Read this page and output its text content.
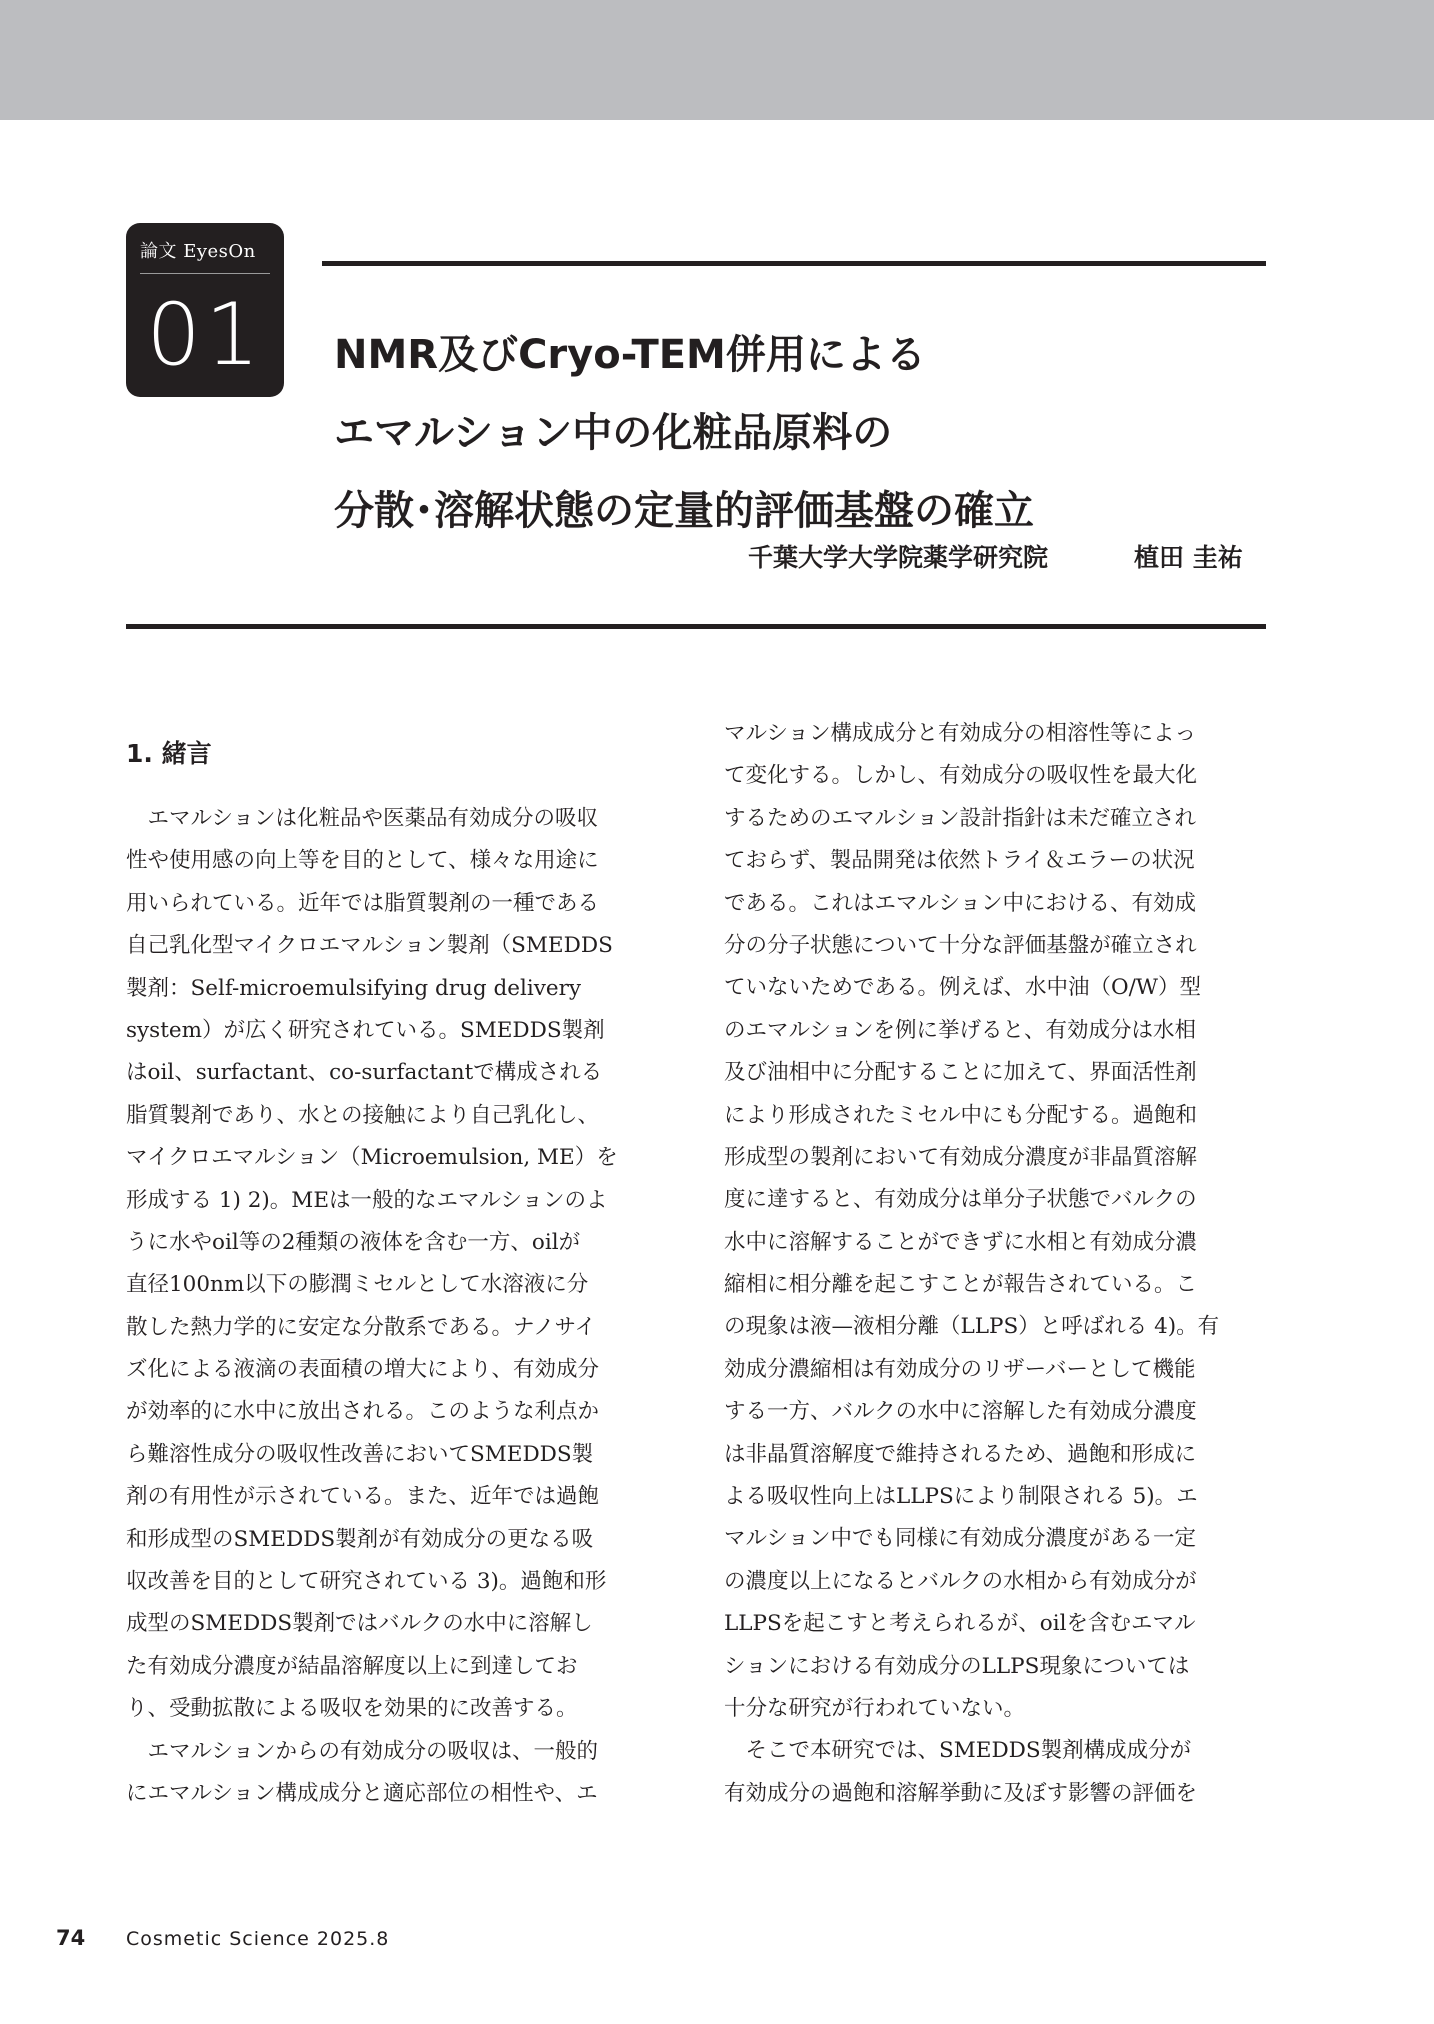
論文 EyesOn
01	NMR及びCryo-TEM併用による
エマルション中の化粧品原料の
分散･溶解状態の定量的評価基盤の確立
千葉大学大学院薬学研究院	植田 圭祐
1. 緒言
　エマルションは化粧品や医薬品有効成分の吸収
性や使用感の向上等を目的として、様々な用途に
用いられている。近年では脂質製剤の一種である
自己乳化型マイクロエマルション製剤（SMEDDS
製剤：Self-microemulsifying drug delivery
system）が広く研究されている。SMEDDS製剤
はoil、surfactant、co-surfactantで構成される
脂質製剤であり、水との接触により自己乳化し、
マイクロエマルション（Microemulsion, ME）を
形成する 1) 2)。MEは一般的なエマルションのよ
うに水やoil等の2種類の液体を含む一方、oilが
直径100nm以下の膨潤ミセルとして水溶液に分
散した熱力学的に安定な分散系である。ナノサイ
ズ化による液滴の表面積の増大により、有効成分
が効率的に水中に放出される。このような利点か
ら難溶性成分の吸収性改善においてSMEDDS製
剤の有用性が示されている。また、近年では過飽
和形成型のSMEDDS製剤が有効成分の更なる吸
収改善を目的として研究されている 3)。過飽和形
成型のSMEDDS製剤ではバルクの水中に溶解し
た有効成分濃度が結晶溶解度以上に到達してお
り、受動拡散による吸収を効果的に改善する。
　エマルションからの有効成分の吸収は、一般的
にエマルション構成成分と適応部位の相性や、エ
マルション構成成分と有効成分の相溶性等によっ
て変化する。しかし、有効成分の吸収性を最大化
するためのエマルション設計指針は未だ確立され
ておらず、製品開発は依然トライ＆エラーの状況
である。これはエマルション中における、有効成
分の分子状態について十分な評価基盤が確立され
ていないためである。例えば、水中油（O/W）型
のエマルションを例に挙げると、有効成分は水相
及び油相中に分配することに加えて、界面活性剤
により形成されたミセル中にも分配する。過飽和
形成型の製剤において有効成分濃度が非晶質溶解
度に達すると、有効成分は単分子状態でバルクの
水中に溶解することができずに水相と有効成分濃
縮相に相分離を起こすことが報告されている。こ
の現象は液—液相分離（LLPS）と呼ばれる 4)。有
効成分濃縮相は有効成分のリザーバーとして機能
する一方、バルクの水中に溶解した有効成分濃度
は非晶質溶解度で維持されるため、過飽和形成に
よる吸収性向上はLLPSにより制限される 5)。エ
マルション中でも同様に有効成分濃度がある一定
の濃度以上になるとバルクの水相から有効成分が
LLPSを起こすと考えられるが、oilを含むエマル
ションにおける有効成分のLLPS現象については
十分な研究が行われていない。
　そこで本研究では、SMEDDS製剤構成成分が
有効成分の過飽和溶解挙動に及ぼす影響の評価を
74 Cosmetic Science 2025.8
